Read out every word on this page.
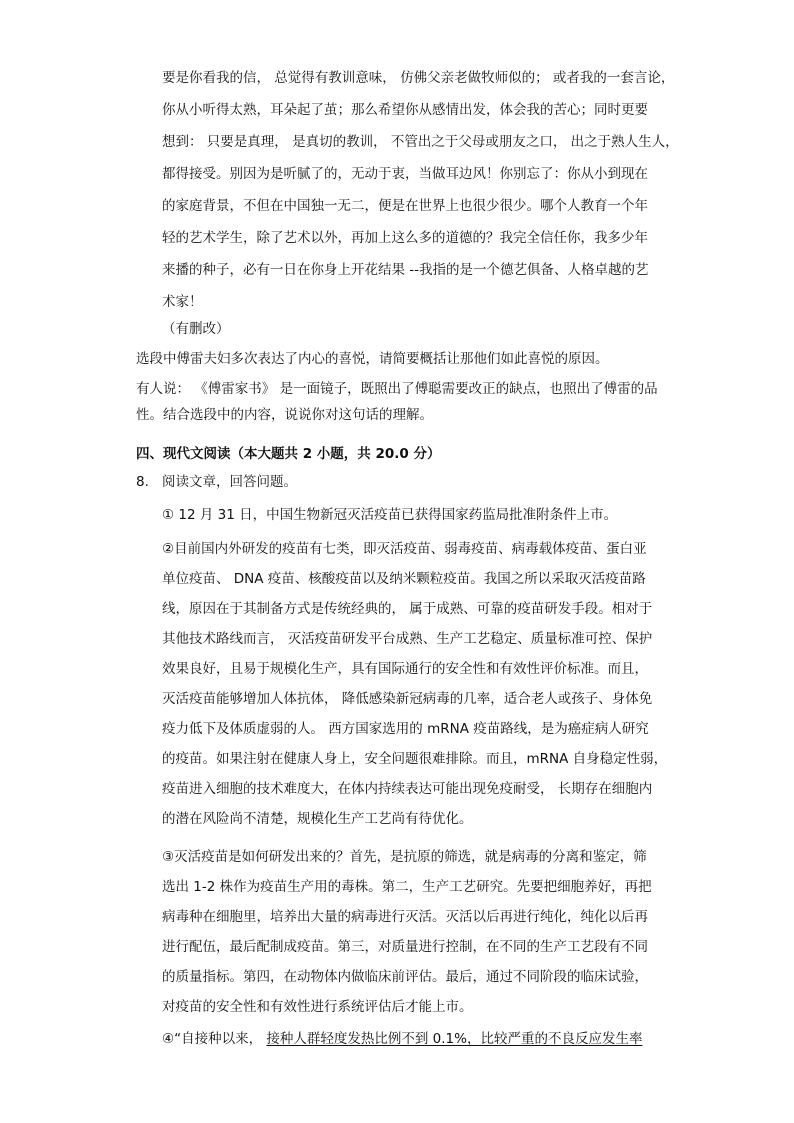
要是你看我的信， 总觉得有教训意味， 仿佛父亲老做牧师似的； 或者我的一套言论，
你从小听得太熟，耳朵起了茧；那么希望你从感情出发，体会我的苦心；同时更要
想到： 只要是真理， 是真切的教训， 不管出之于父母或朋友之口， 出之于熟人生人，
都得接受。别因为是听腻了的，无动于衷，当做耳边风！你别忘了：你从小到现在
的家庭背景，不但在中国独一无二，便是在世界上也很少很少。哪个人教育一个年
轻的艺术学生，除了艺术以外，再加上这么多的道德的？我完全信任你，我多少年
来播的种子，必有一日在你身上开花结果 --我指的是一个德艺俱备、人格卓越的艺
术家！
（有删改）
选段中傅雷夫妇多次表达了内心的喜悦，请简要概括让那他们如此喜悦的原因。
有人说： 《傅雷家书》 是一面镜子，既照出了傅聪需要改正的缺点，也照出了傅雷的品
性。结合选段中的内容，说说你对这句话的理解。
四、现代文阅读（本大题共 2 小题，共 20.0 分）
8. 阅读文章，回答问题。
① 12 月 31 日，中国生物新冠灭活疫苗已获得国家药监局批准附条件上市。
②目前国内外研发的疫苗有七类，即灭活疫苗、弱毒疫苗、病毒载体疫苗、蛋白亚
单位疫苗、 DNA 疫苗、核酸疫苗以及纳米颗粒疫苗。我国之所以采取灭活疫苗路
线，原因在于其制备方式是传统经典的， 属于成熟、可靠的疫苗研发手段。相对于
其他技术路线而言， 灭活疫苗研发平台成熟、生产工艺稳定、质量标准可控、保护
效果良好，且易于规模化生产，具有国际通行的安全性和有效性评价标准。而且，
灭活疫苗能够增加人体抗体， 降低感染新冠病毒的几率，适合老人或孩子、身体免
疫力低下及体质虚弱的人。 西方国家选用的 mRNA 疫苗路线，是为癌症病人研究
的疫苗。如果注射在健康人身上，安全问题很难排除。而且，mRNA 自身稳定性弱，
疫苗进入细胞的技术难度大，在体内持续表达可能出现免疫耐受， 长期存在细胞内
的潜在风险尚不清楚，规模化生产工艺尚有待优化。
③灭活疫苗是如何研发出来的？首先，是抗原的筛选，就是病毒的分离和鉴定，筛
选出 1-2 株作为疫苗生产用的毒株。第二，生产工艺研究。先要把细胞养好，再把
病毒种在细胞里，培养出大量的病毒进行灭活。灭活以后再进行纯化，纯化以后再
进行配伍，最后配制成疫苗。第三，对质量进行控制，在不同的生产工艺段有不同
的质量指标。第四，在动物体内做临床前评估。最后，通过不同阶段的临床试验，
对疫苗的安全性和有效性进行系统评估后才能上市。
④“自接种以来， 接种人群轻度发热比例不到 0.1%，比较严重的不良反应发生率
